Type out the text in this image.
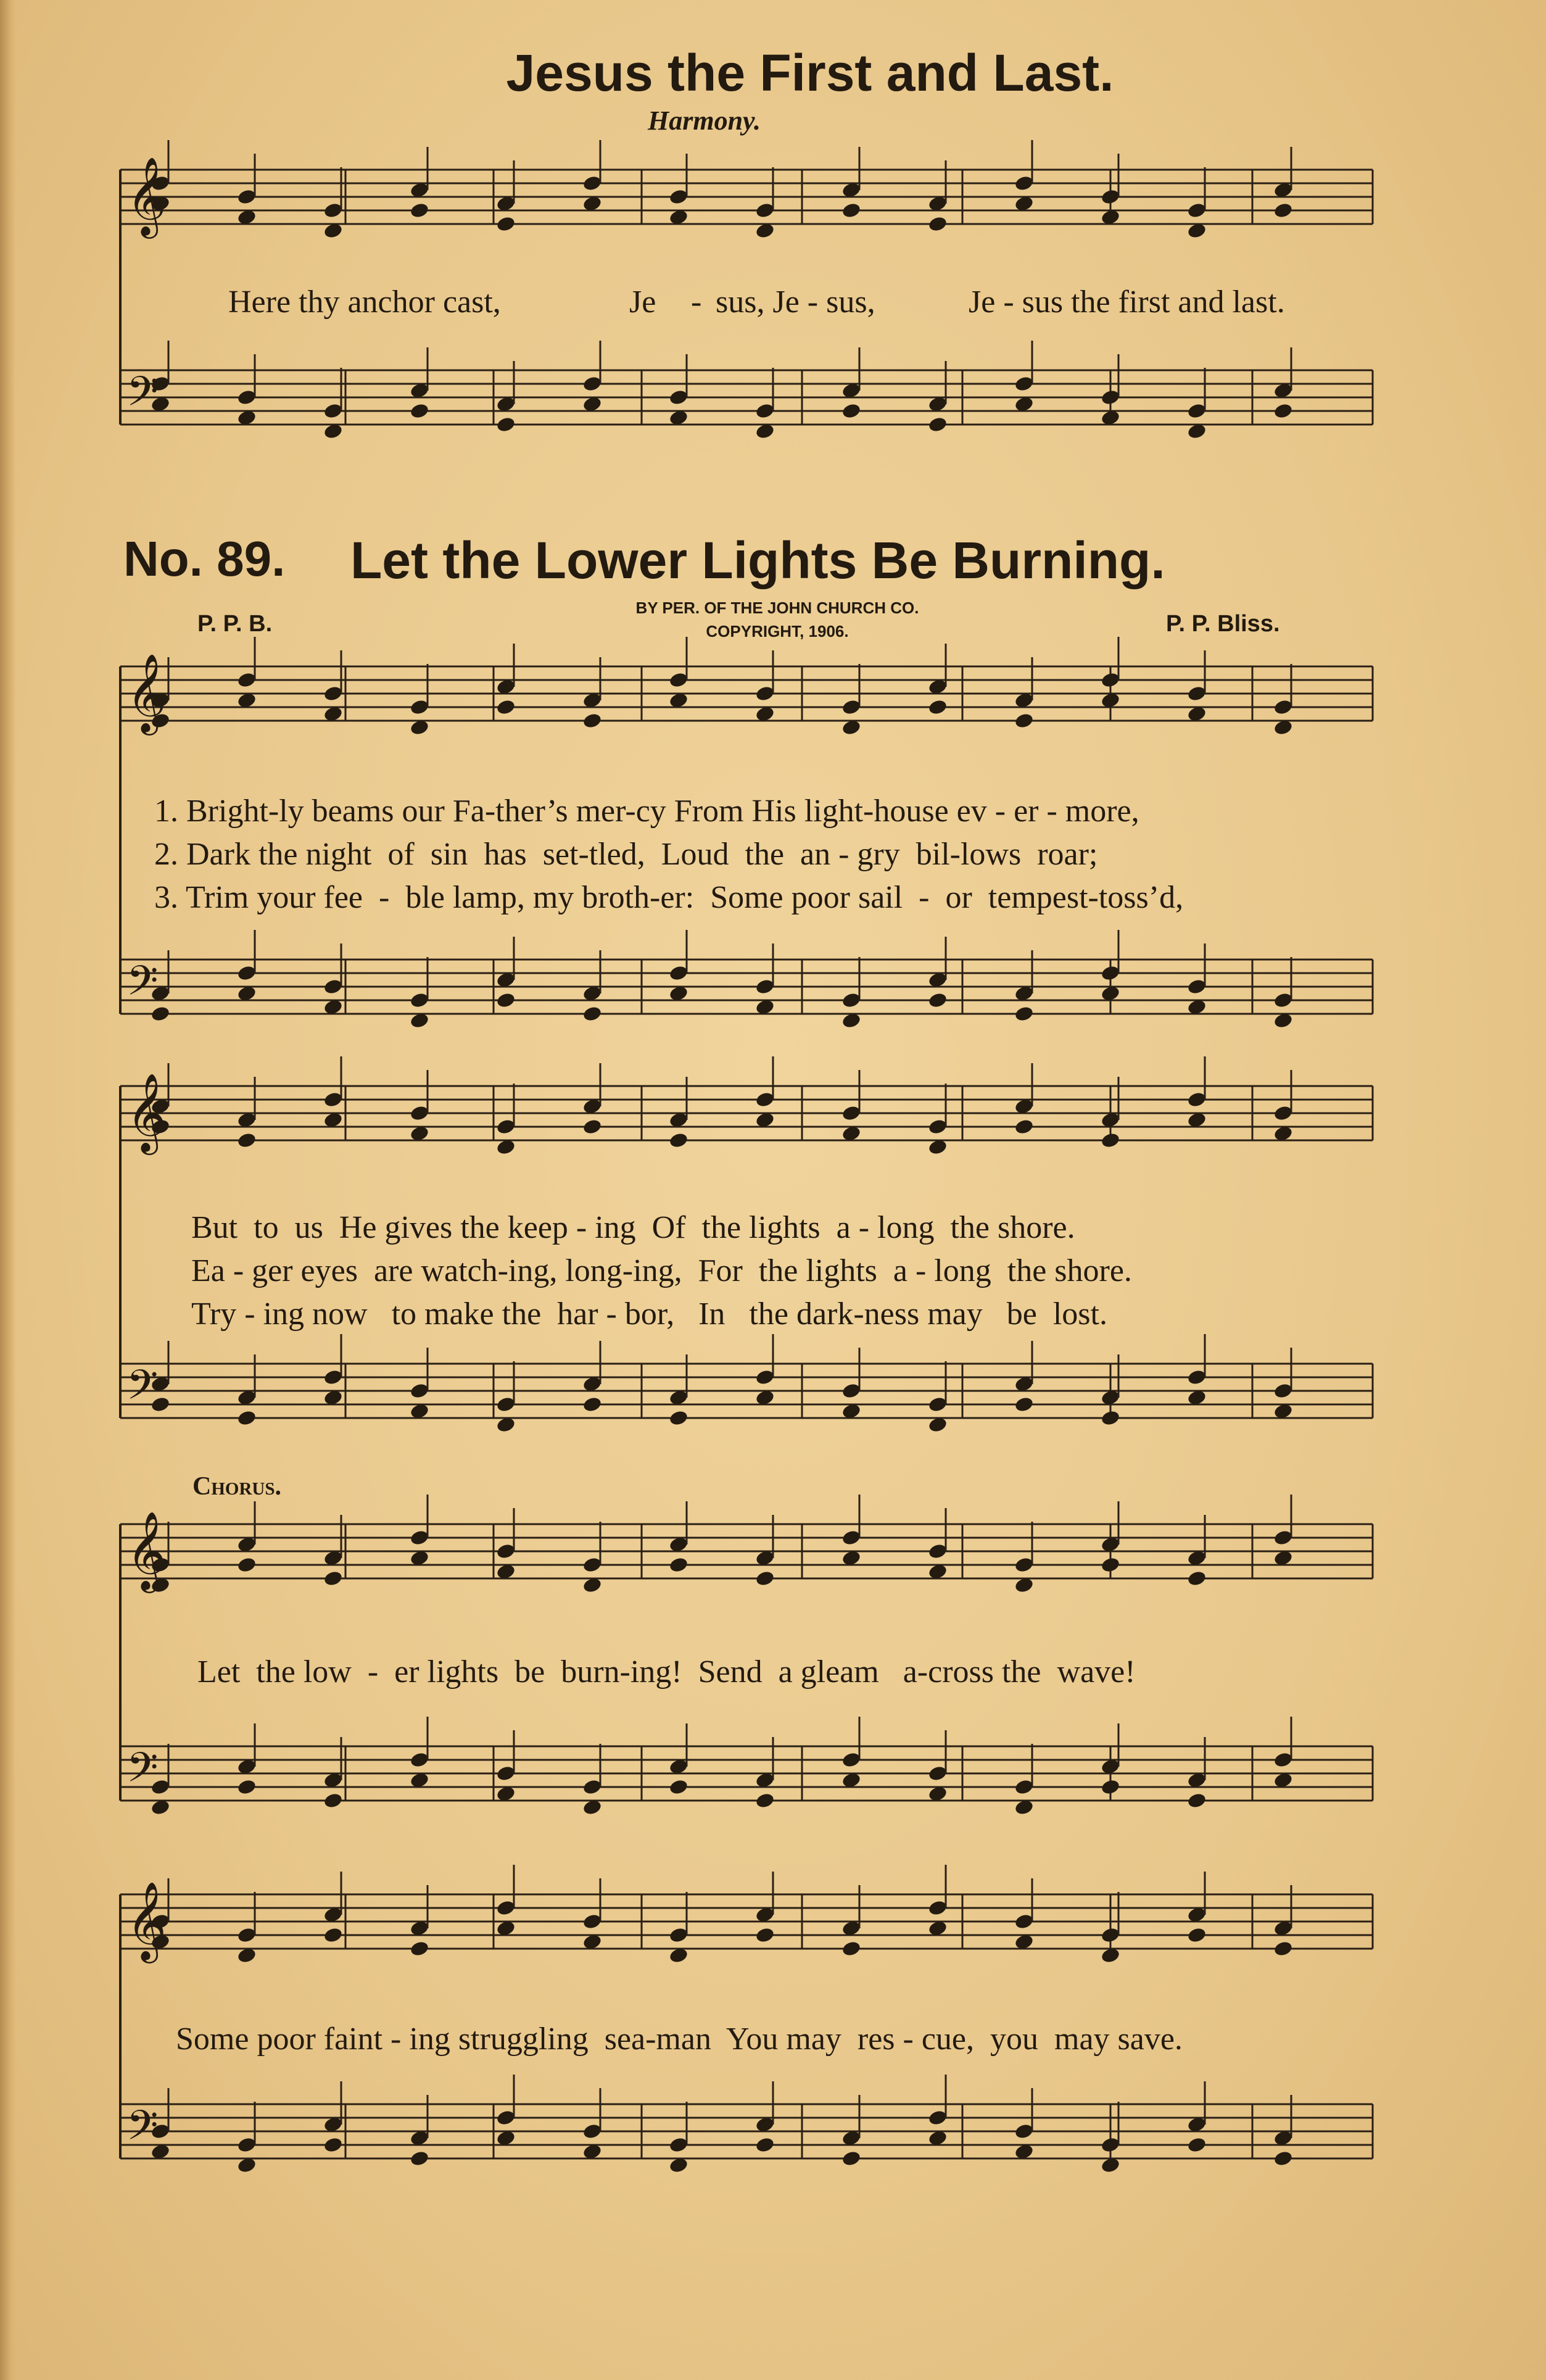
𝄞
𝄢
𝄞
𝄢
𝄞
𝄢
𝄞
𝄢
𝄞
𝄢
Jesus the First and Last.
Harmony.
Here thy anchor cast,	Je - sus, Je - sus,	Je - sus the first and last.
No. 89. Let the Lower Lights Be Burning.
P. P. B.
BY PER. OF THE JOHN CHURCH CO.
COPYRIGHT, 1906.	P. P. Bliss.
1. Bright-ly beams our Fa-ther’s mer-cy From His light-house ev - er - more,
2. Dark the night  of  sin  has  set-tled,  Loud  the  an - gry  bil-lows  roar;
3. Trim your fee  -  ble lamp, my broth-er:  Some poor sail  -  or  tempest-toss’d,
But  to  us  He gives the keep - ing  Of  the lights  a - long  the shore.
Ea - ger eyes  are watch-ing, long-ing,  For  the lights  a - long  the shore.
Try - ing now   to make the  har - bor,   In   the dark-ness may   be  lost.
Chorus.
Let  the low  -  er lights  be  burn-ing!  Send  a gleam   a-cross the  wave!
Some poor faint - ing struggling  sea-man  You may  res - cue,  you  may save.
